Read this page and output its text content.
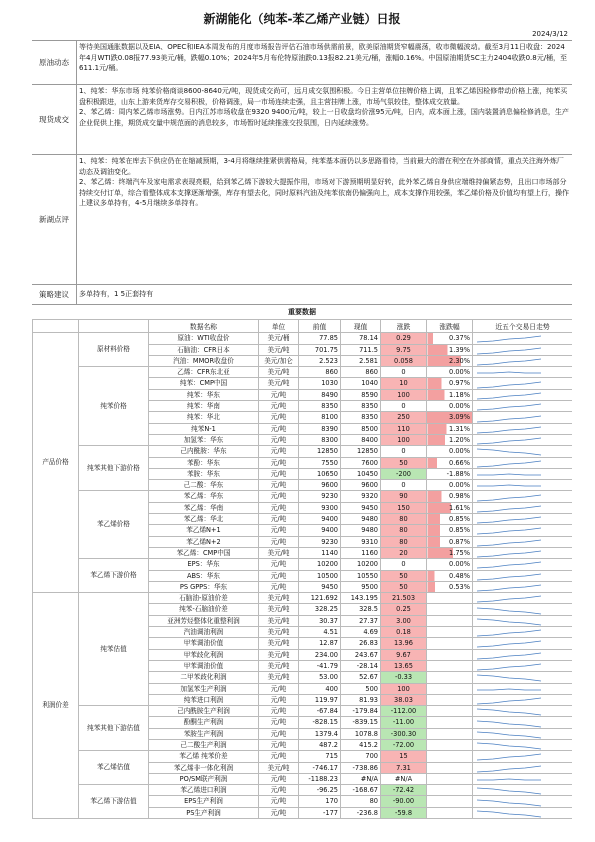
新湖能化（纯苯-苯乙烯产业链）日报
2024/3/12
原油动态
等待美国通胀数据以及EIA、OPEC和IEA本周发布的月度市场报告评估石油市场供需前景，欧美原油期货窄幅震荡，收市微幅波动。截至3月11日收盘：2024年4月WTI跌0.08报77.93美元/桶，跌幅0.10%；2024年5月布伦特原油跌0.13报82.21美元/桶，涨幅0.16%。中国原油期货SC主力2404收跌0.8元/桶，至611.1元/桶。
现货成交
1、纯苯：华东市场 纯苯价格商谈8600-8640元/吨，现货成交尚可，远月成交氛围积极。今日主营单位挂牌价格上调，且苯乙烯因检修带动价格上涨，纯苯买盘积极跟进，山东上游来货库存交易积极，价格调涨，局一市场连续走强，且主营挂牌上涨，市场气氛较佳，整体成交放量。
2、苯乙烯：周内苯乙烯市场涨势。日内江苏市场收盘在9320 9400元/吨，较上一日收盘均价涨95元/吨，日内，成本面上涨，国内装置消息偏检修消息，生产企业促供上推，期货成交量中规范面的消息较多，市场暂时延续推涨交投氛围，日内延续涨势。
新湖点评
1、纯苯：纯苯在库去下供应仍在在缩减预期，3-4月将继续推紧供需格局，纯苯基本面仍以多思路看待，当前最大的潜在利空在外部商情，重点关注海外炼厂动态及调油变化。
2、苯乙烯：终端汽车及家电需求表现亮眼，给到苯乙烯下游较大提振作用，市场对下游预期明显好转，此外苯乙烯自身供应端维持偏紧态势，且出口市场部分持续交付订单，综合看整体成本支撑逐渐增强，库存有望去化，同时原料汽油及纯苯依南仍偏强向上，成本支撑作用较强，苯乙烯价格及价值均有望上行，操作上建议多单持有，4-5月继续多单持有。
策略建议	多单持有，1 5正套持有
重要数据
		数据名称	单位	前值	现值	涨跌	涨跌幅	近五个交易日走势
产品价格	原材料价格	原油：WTI收盘价	美元/桶	77.85	78.14	0.29	0.37%	

		石脑油：CFR日本	美元/吨	701.75	711.5	9.75	1.39%	

		汽油：MMOR收盘价	美元/加仑	2.523	2.581	0.058	2.30%	

	纯苯价格	乙烯：CFR东北亚	美元/吨	860	860	0	0.00%	

		纯苯：CMP中国	美元/吨	1030	1040	10	0.97%	

		纯苯：华东	元/吨	8490	8590	100	1.18%	

		纯苯：华南	元/吨	8350	8350	0	0.00%	

		纯苯：华北	元/吨	8100	8350	250	3.09%	

		纯苯N-1	元/吨	8390	8500	110	1.31%	

		加氢苯：华东	元/吨	8300	8400	100	1.20%	

	纯苯其他下游价格	己内酰胺：华东	元/吨	12850	12850	0	0.00%	

		苯酚：华东	元/吨	7550	7600	50	0.66%	

		苯胺：华东	元/吨	10650	10450	-200	-1.88%	

		己二酸：华东	元/吨	9600	9600	0	0.00%	

	苯乙烯价格	苯乙烯：华东	元/吨	9230	9320	90	0.98%	

		苯乙烯：华南	元/吨	9300	9450	150	1.61%	

		苯乙烯：华北	元/吨	9400	9480	80	0.85%	

		苯乙烯N+1	元/吨	9400	9480	80	0.85%	

		苯乙烯N+2	元/吨	9230	9310	80	0.87%	

		苯乙烯：CMP中国	美元/吨	1140	1160	20	1.75%	

	苯乙烯下游价格	EPS：华东	元/吨	10200	10200	0	0.00%	

		ABS：华东	元/吨	10500	10550	50	0.48%	

		PS GPPS：华东	元/吨	9450	9500	50	0.53%	

利润价差	纯苯估值	石脑油-原油价差	美元/吨	121.692	143.195	21.503		

		纯苯-石脑油价差	美元/吨	328.25	328.5	0.25		

		亚洲芳烃整体化重整利润	美元/吨	30.37	27.37	3.00		

		汽油调油利润	美元/吨	4.51	4.69	0.18		

		甲苯调油价值	美元/吨	12.87	26.83	13.96		

		甲苯歧化利润	美元/吨	234.00	243.67	9.67		

		甲苯调油价值	美元/吨	-41.79	-28.14	13.65		

		二甲苯歧化利润	美元/吨	53.00	52.67	-0.33		

		加氢苯生产利润	元/吨	400	500	100		

		纯苯进口利润	元/吨	119.97	81.93	38.03		

	纯苯其他下游估值	己内酰胺生产利润	元/吨	-67.84	-179.84	-112.00		

		酚酮生产利润	元/吨	-828.15	-839.15	-11.00		

		苯胺生产利润	元/吨	1379.4	1078.8	-300.30		

		己二酸生产利润	元/吨	487.2	415.2	-72.00		

	苯乙烯估值	苯乙烯 纯苯价差	元/吨	715	700	15		

		苯乙烯非一体化利润	美元/吨	-746.17	-738.86	7.31		

		PO/SM联产利润	元/吨	-1188.23	#N/A	#N/A		

	苯乙烯下游估值	苯乙烯进口利润	元/吨	-96.25	-168.67	-72.42		

		EPS生产利润	元/吨	170	80	-90.00		

		PS生产利润	元/吨	-177	-236.8	-59.8		
